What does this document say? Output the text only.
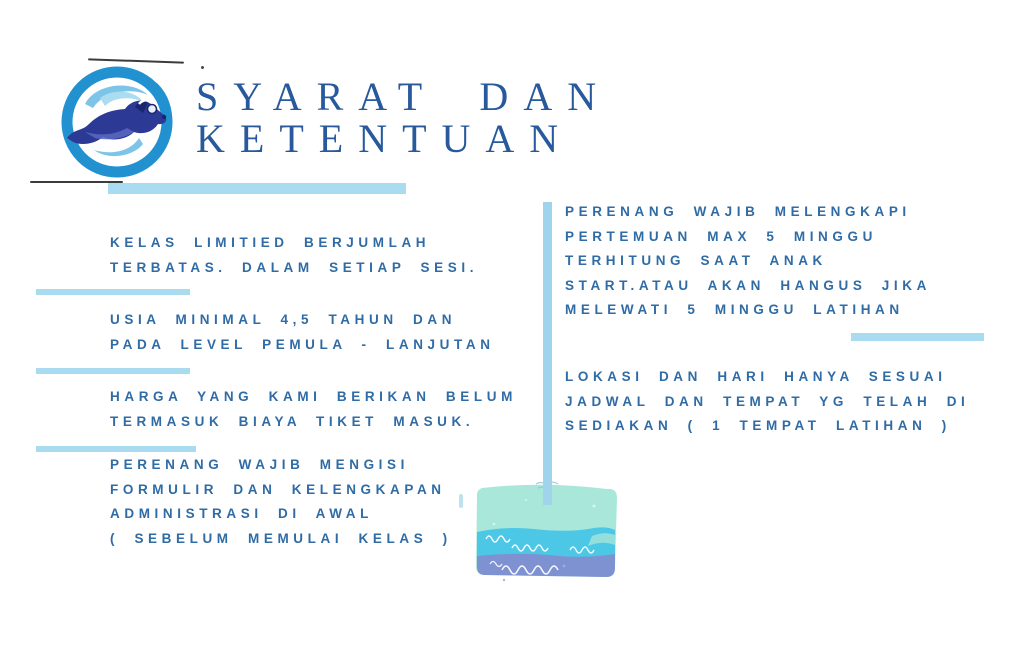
SYARAT DAN
KETENTUAN

KELAS LIMITIED BERJUMLAH
TERBATAS. DALAM SETIAP SESI.

USIA MINIMAL 4,5 TAHUN DAN
PADA LEVEL PEMULA - LANJUTAN

HARGA YANG KAMI BERIKAN BELUM
TERMASUK BIAYA TIKET MASUK.

PERENANG WAJIB MENGISI
FORMULIR DAN KELENGKAPAN
ADMINISTRASI DI AWAL
( SEBELUM MEMULAI KELAS )

PERENANG WAJIB MELENGKAPI
PERTEMUAN MAX 5 MINGGU
TERHITUNG SAAT ANAK
START.ATAU AKAN HANGUS JIKA
MELEWATI 5 MINGGU LATIHAN

LOKASI DAN HARI HANYA SESUAI
JADWAL DAN TEMPAT YG TELAH DI
SEDIAKAN ( 1 TEMPAT LATIHAN )
